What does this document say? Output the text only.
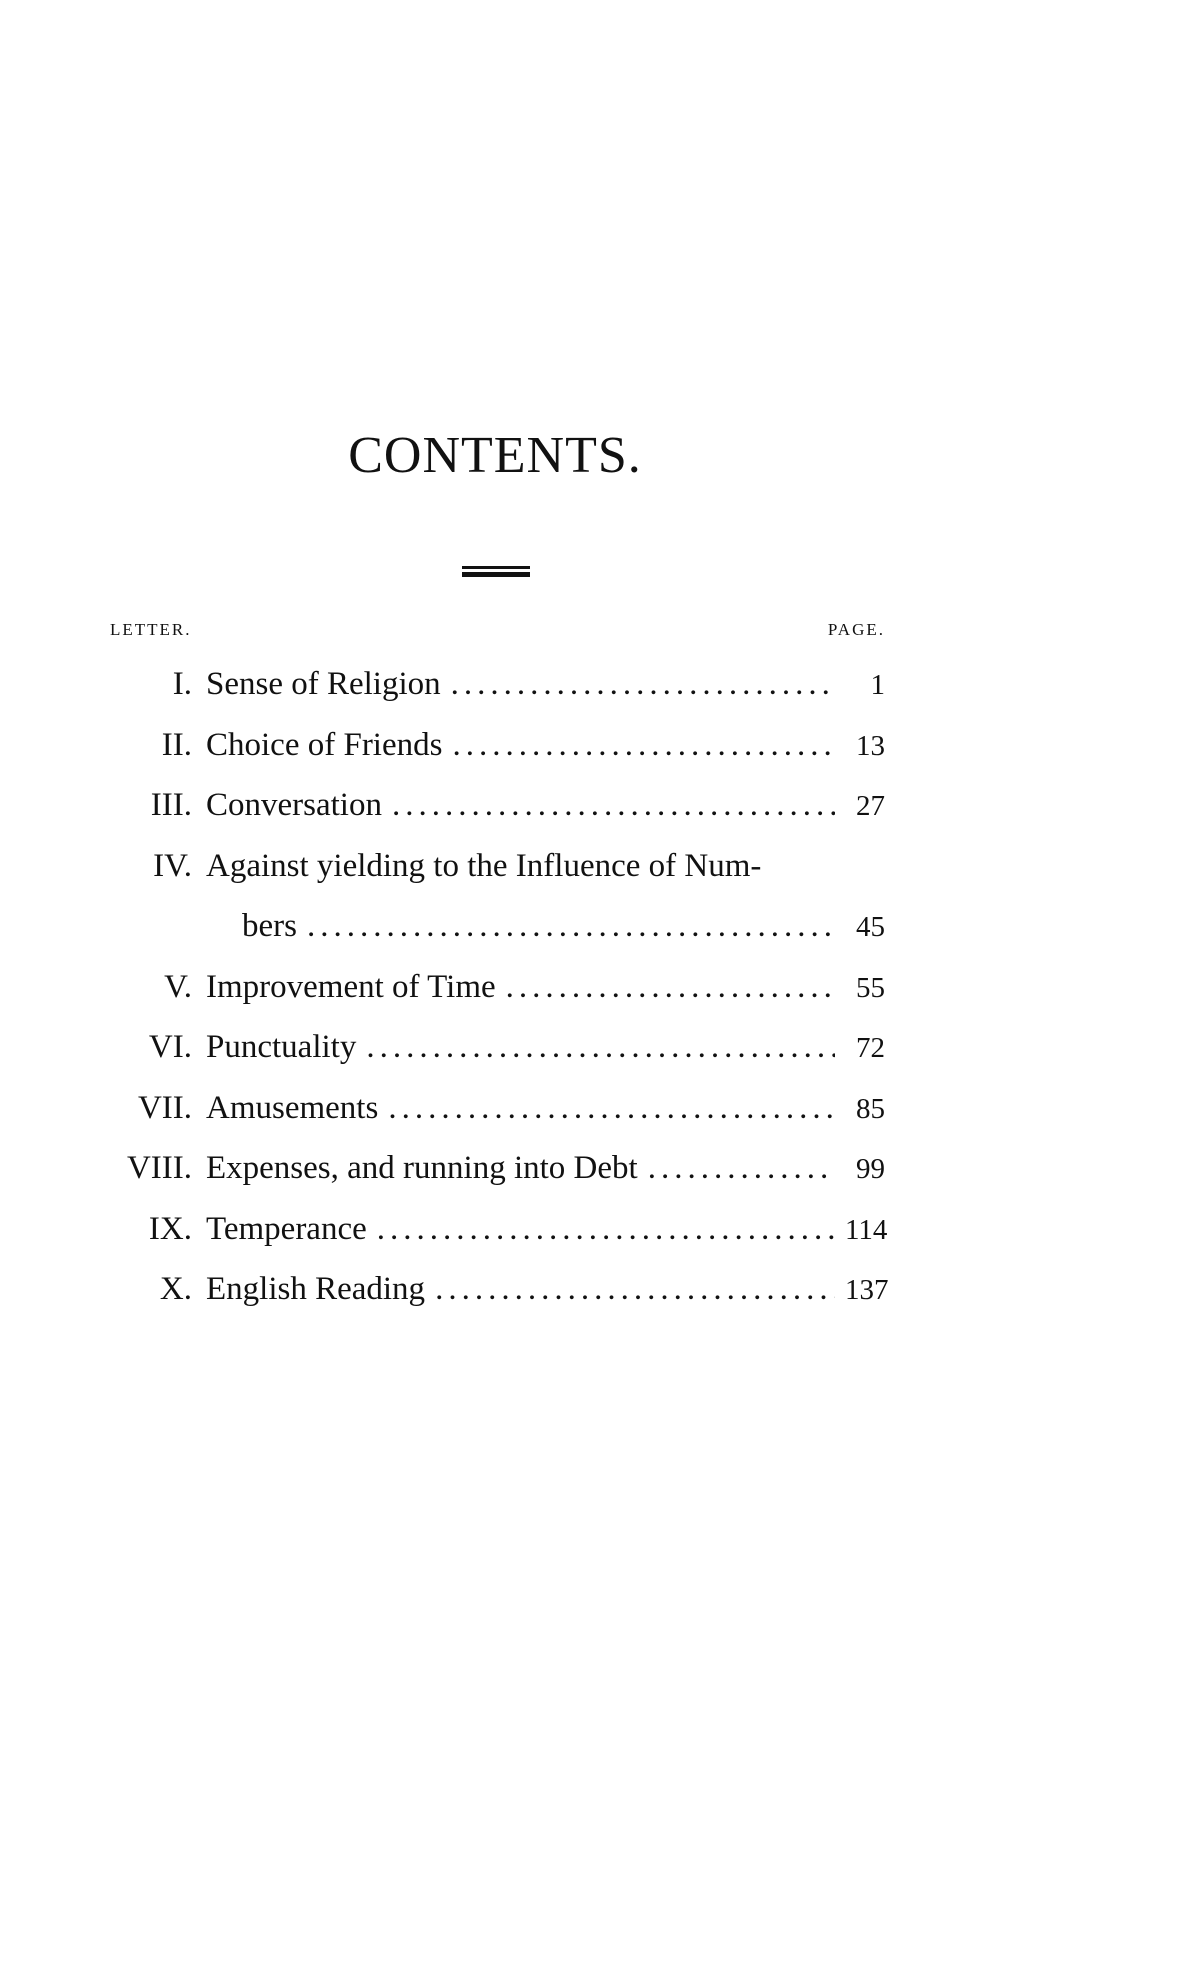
CONTENTS.
LETTER.	PAGE.
I. Sense of Religion .....	1
II. Choice of Friends .....	13
III. Conversation .....	27
IV. Against yielding to the Influence of Num-
bers .....	45
V. Improvement of Time .....	55
VI. Punctuality .....	72
VII. Amusements .....	85
VIII. Expenses, and running into Debt .....	99
IX. Temperance .....	114
X. English Reading .....	137
